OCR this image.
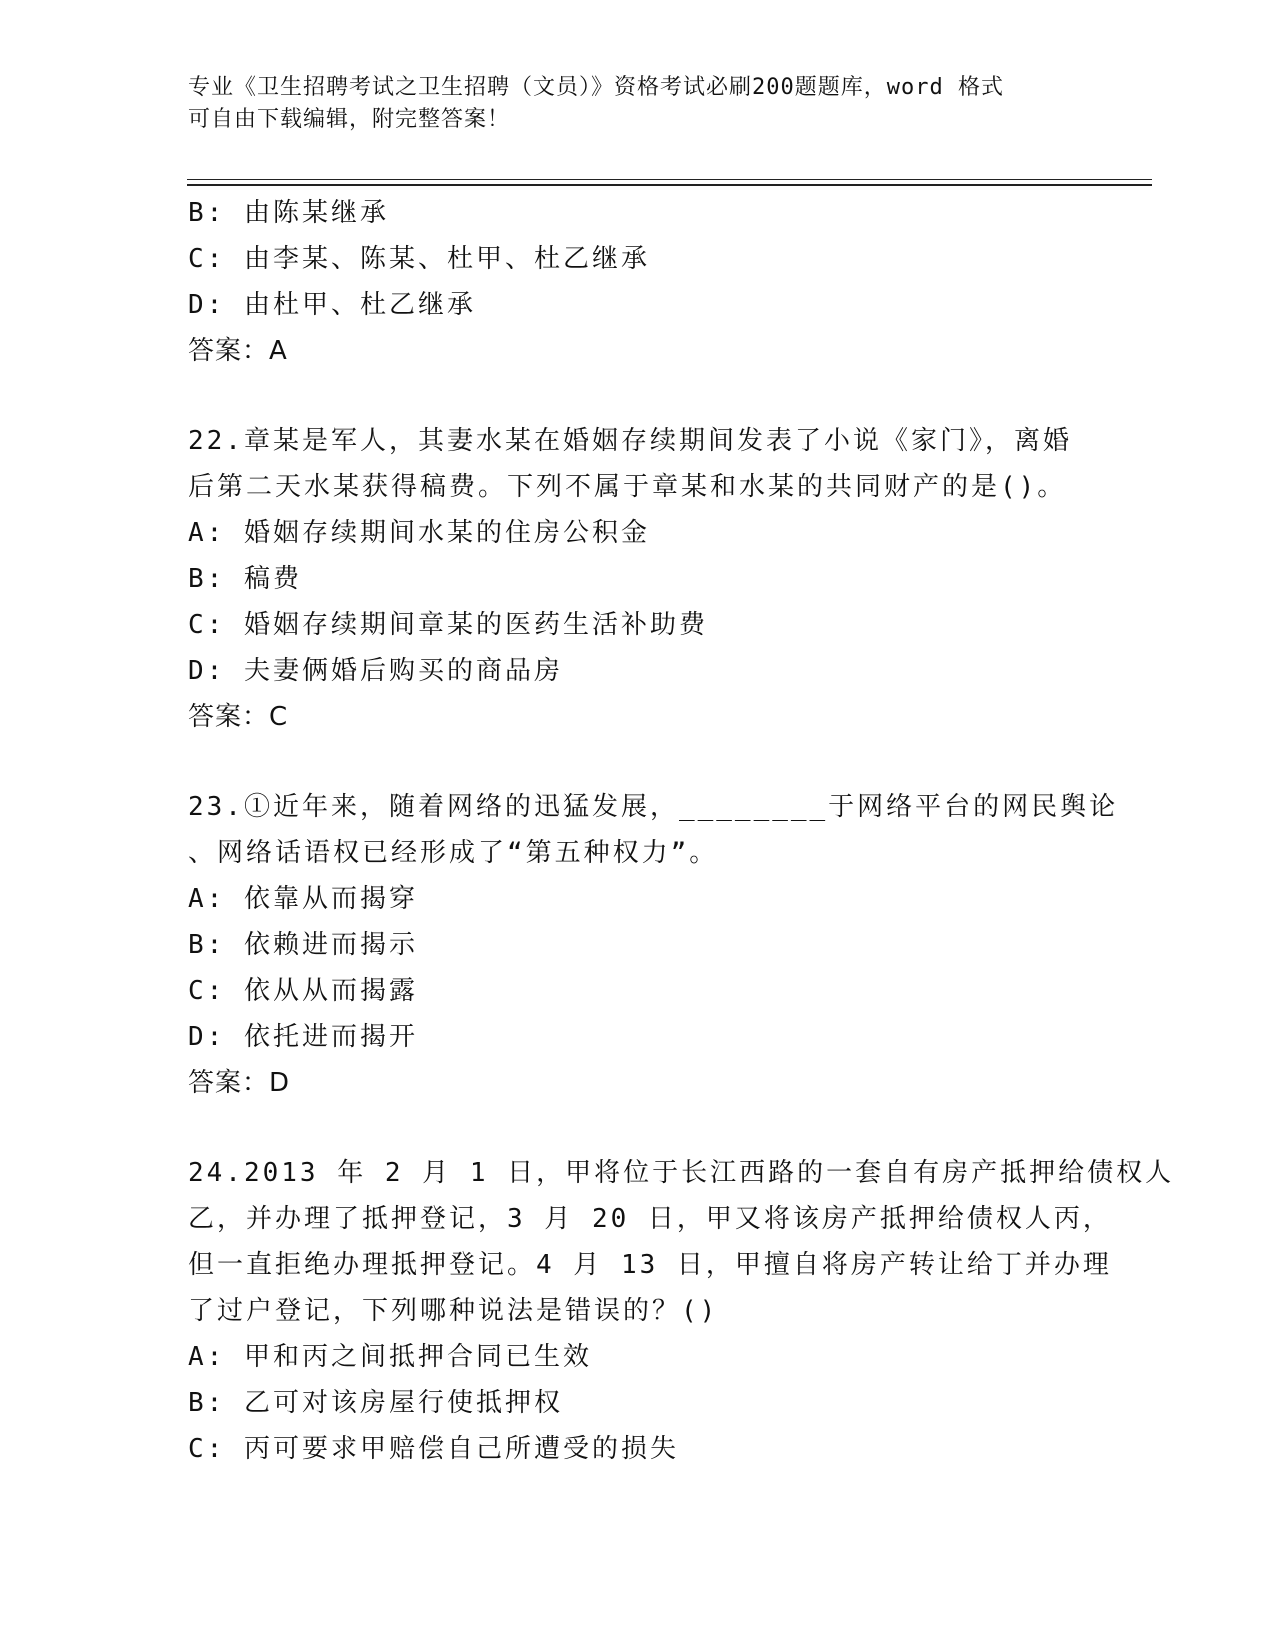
专业《卫生招聘考试之卫生招聘（文员）》资格考试必刷200题题库，word 格式
可自由下载编辑，附完整答案！
B: 由陈某继承
C: 由李某、陈某、杜甲、杜乙继承
D: 由杜甲、杜乙继承
答案：A
22.章某是军人，其妻水某在婚姻存续期间发表了小说《家门》，离婚
后第二天水某获得稿费。下列不属于章某和水某的共同财产的是()。
A: 婚姻存续期间水某的住房公积金
B: 稿费
C: 婚姻存续期间章某的医药生活补助费
D: 夫妻俩婚后购买的商品房
答案：C
23.①近年来，随着网络的迅猛发展，________于网络平台的网民舆论
、网络话语权已经形成了“第五种权力”。
A: 依靠从而揭穿
B: 依赖进而揭示
C: 依从从而揭露
D: 依托进而揭开
答案：D
24.2013 年 2 月 1 日，甲将位于长江西路的一套自有房产抵押给债权人
乙，并办理了抵押登记，3 月 20 日，甲又将该房产抵押给债权人丙，
但一直拒绝办理抵押登记。4 月 13 日，甲擅自将房产转让给丁并办理
了过户登记，下列哪种说法是错误的？()
A: 甲和丙之间抵押合同已生效
B: 乙可对该房屋行使抵押权
C: 丙可要求甲赔偿自己所遭受的损失
